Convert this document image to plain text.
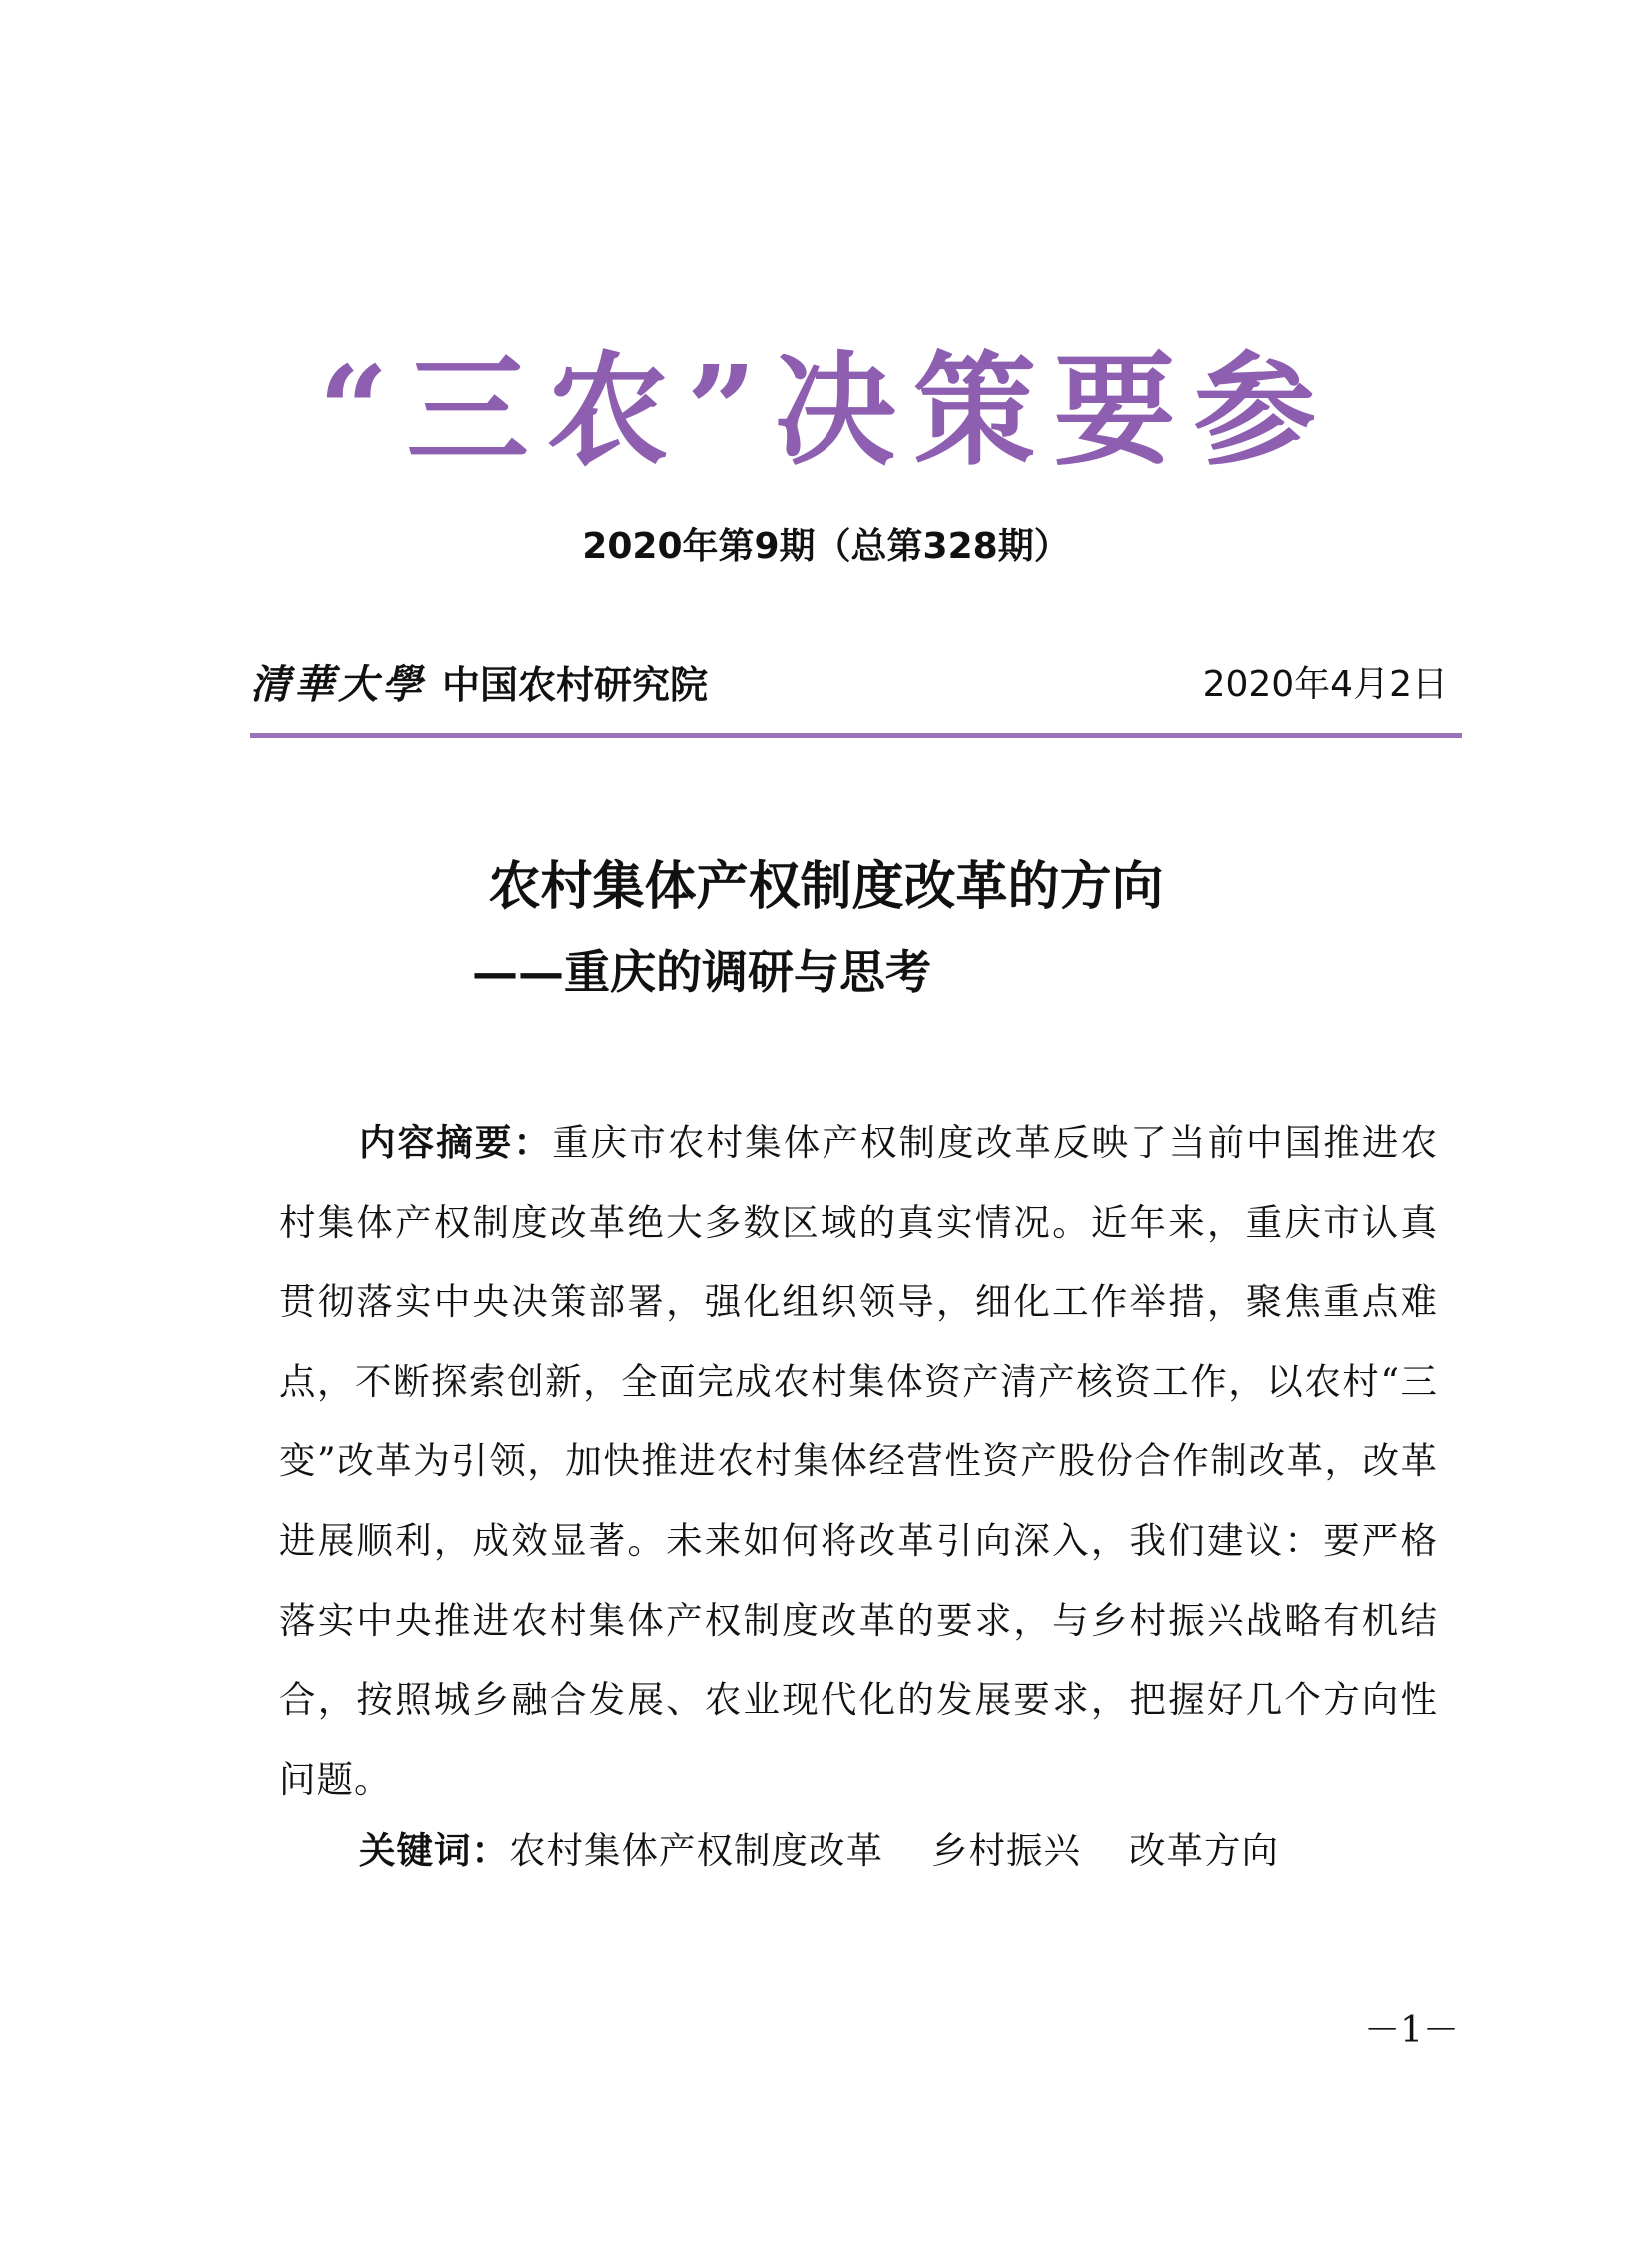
“三农”决策要参
2020年第9期（总第328期）
清華大學 中国农村研究院	2020年4月2日
农村集体产权制度改革的方向
——重庆的调研与思考

内容摘要：重庆市农村集体产权制度改革反映了当前中国推进农村集体产权制度改革绝大多数区域的真实情况。近年来，重庆市认真贯彻落实中央决策部署，强化组织领导，细化工作举措，聚焦重点难点，不断探索创新，全面完成农村集体资产清产核资工作，以农村“三变”改革为引领，加快推进农村集体经营性资产股份合作制改革，改革进展顺利，成效显著。未来如何将改革引向深入，我们建议：要严格落实中央推进农村集体产权制度改革的要求，与乡村振兴战略有机结合，按照城乡融合发展、农业现代化的发展要求，把握好几个方向性问题。

关键词：农村集体产权制度改革 乡村振兴 改革方向
－1－
